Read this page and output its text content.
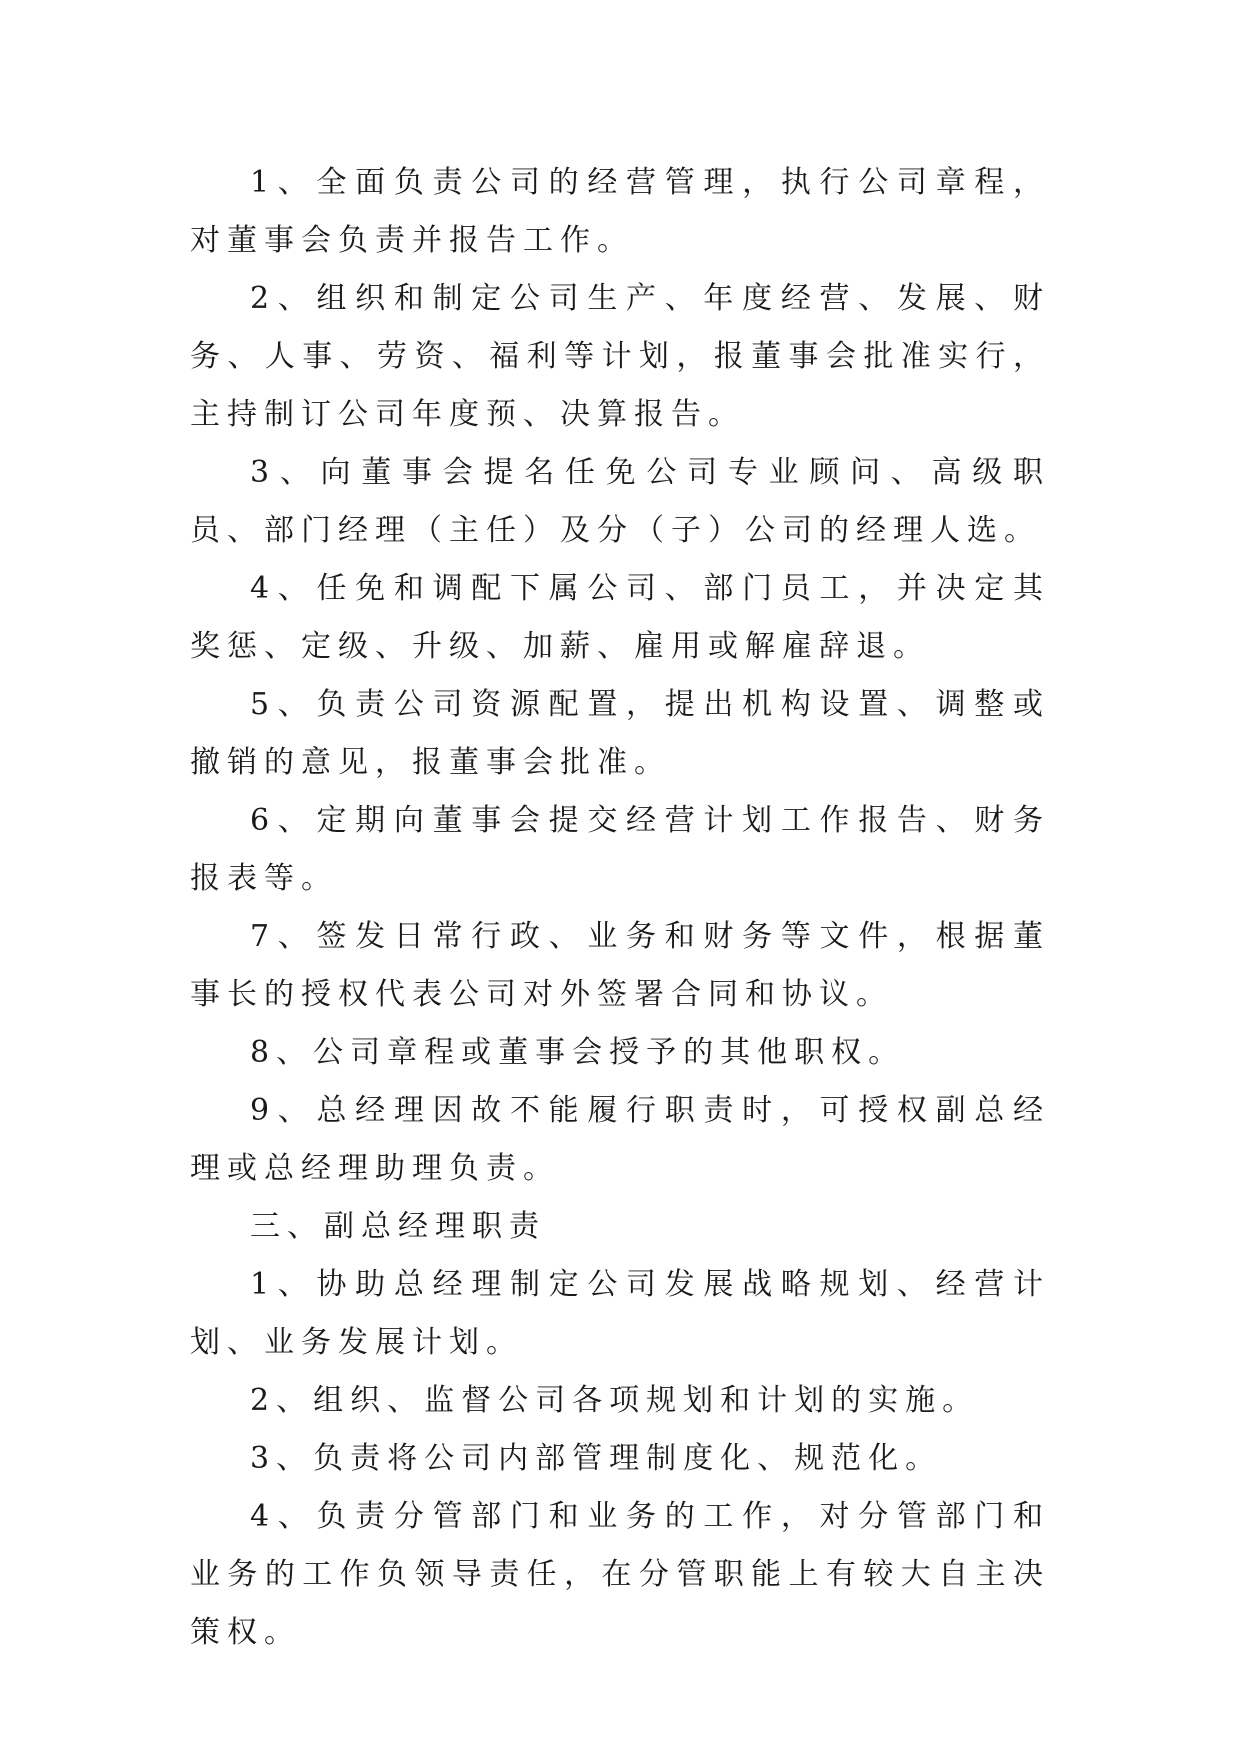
1、全面负责公司的经营管理，执行公司章程，对董事会负责并报告工作。

2、组织和制定公司生产、年度经营、发展、财务、人事、劳资、福利等计划，报董事会批准实行，主持制订公司年度预、决算报告。

3、向董事会提名任免公司专业顾问、高级职员、部门经理（主任）及分（子）公司的经理人选。

4、任免和调配下属公司、部门员工，并决定其奖惩、定级、升级、加薪、雇用或解雇辞退。

5、负责公司资源配置，提出机构设置、调整或撤销的意见，报董事会批准。

6、定期向董事会提交经营计划工作报告、财务报表等。

7、签发日常行政、业务和财务等文件，根据董事长的授权代表公司对外签署合同和协议。

8、公司章程或董事会授予的其他职权。

9、总经理因故不能履行职责时，可授权副总经理或总经理助理负责。

三、副总经理职责

1、协助总经理制定公司发展战略规划、经营计划、业务发展计划。

2、组织、监督公司各项规划和计划的实施。

3、负责将公司内部管理制度化、规范化。

4、负责分管部门和业务的工作，对分管部门和业务的工作负领导责任，在分管职能上有较大自主决策权。
